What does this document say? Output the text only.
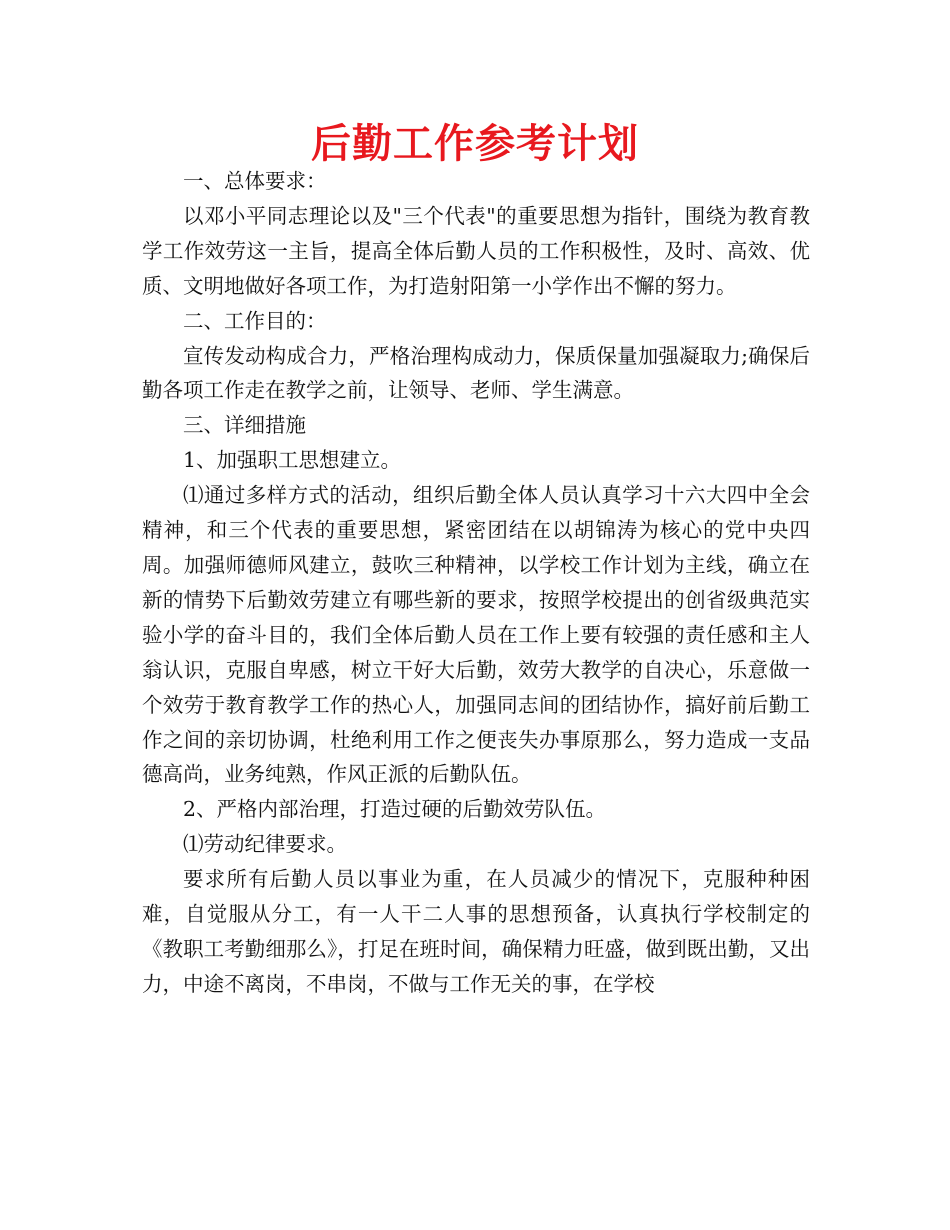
后勤工作参考计划

一、总体要求：

以邓小平同志理论以及"三个代表"的重要思想为指针，围绕为教育教学工作效劳这一主旨，提高全体后勤人员的工作积极性，及时、高效、优质、文明地做好各项工作，为打造射阳第一小学作出不懈的努力。

二、工作目的：

宣传发动构成合力，严格治理构成动力，保质保量加强凝取力;确保后勤各项工作走在教学之前，让领导、老师、学生满意。

三、详细措施

1、加强职工思想建立。

⑴通过多样方式的活动，组织后勤全体人员认真学习十六大四中全会精神，和三个代表的重要思想，紧密团结在以胡锦涛为核心的党中央四周。加强师德师风建立，鼓吹三种精神，以学校工作计划为主线，确立在新的情势下后勤效劳建立有哪些新的要求，按照学校提出的创省级典范实验小学的奋斗目的，我们全体后勤人员在工作上要有较强的责任感和主人翁认识，克服自卑感，树立干好大后勤，效劳大教学的自决心，乐意做一个效劳于教育教学工作的热心人，加强同志间的团结协作，搞好前后勤工作之间的亲切协调，杜绝利用工作之便丧失办事原那么，努力造成一支品德高尚，业务纯熟，作风正派的后勤队伍。

2、严格内部治理，打造过硬的后勤效劳队伍。

⑴劳动纪律要求。

要求所有后勤人员以事业为重，在人员减少的情况下，克服种种困难，自觉服从分工，有一人干二人事的思想预备，认真执行学校制定的《教职工考勤细那么》，打足在班时间，确保精力旺盛，做到既出勤，又出力，中途不离岗，不串岗，不做与工作无关的事，在学校
